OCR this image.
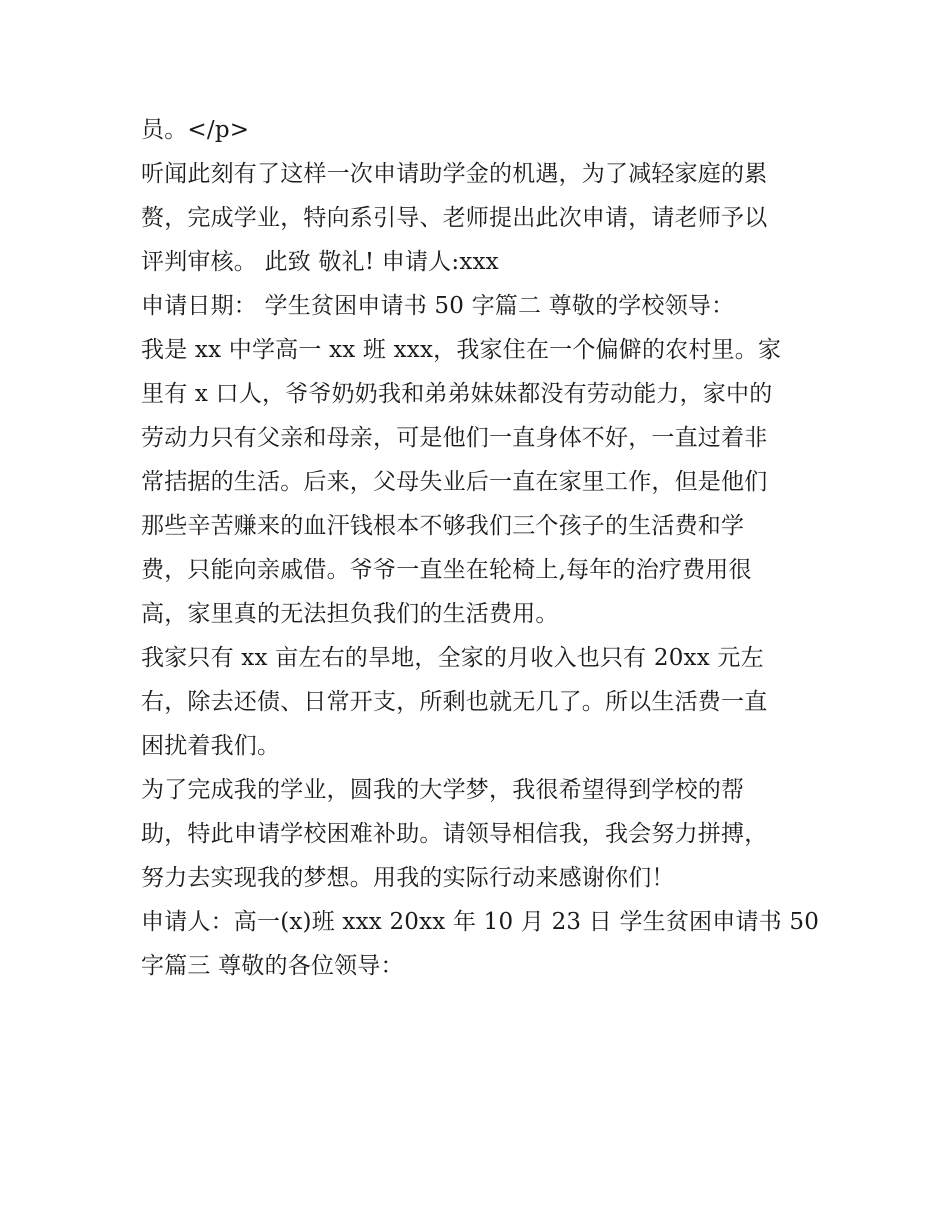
员。</p>
听闻此刻有了这样一次申请助学金的机遇，为了减轻家庭的累
赘，完成学业，特向系引导、老师提出此次申请，请老师予以
评判审核。 此致 敬礼! 申请人:xxx
申请日期： 学生贫困申请书 50 字篇二 尊敬的学校领导：
我是 xx 中学高一 xx 班 xxx，我家住在一个偏僻的农村里。家
里有 x 口人，爷爷奶奶我和弟弟妹妹都没有劳动能力，家中的
劳动力只有父亲和母亲，可是他们一直身体不好，一直过着非
常拮据的生活。后来，父母失业后一直在家里工作，但是他们
那些辛苦赚来的血汗钱根本不够我们三个孩子的生活费和学
费，只能向亲戚借。爷爷一直坐在轮椅上,每年的治疗费用很
高，家里真的无法担负我们的生活费用。
我家只有 xx 亩左右的旱地，全家的月收入也只有 20xx 元左
右，除去还债、日常开支，所剩也就无几了。所以生活费一直
困扰着我们。
为了完成我的学业，圆我的大学梦，我很希望得到学校的帮
助，特此申请学校困难补助。请领导相信我，我会努力拼搏，
努力去实现我的梦想。用我的实际行动来感谢你们！
申请人：高一(x)班 xxx 20xx 年 10 月 23 日 学生贫困申请书 50
字篇三 尊敬的各位领导：
